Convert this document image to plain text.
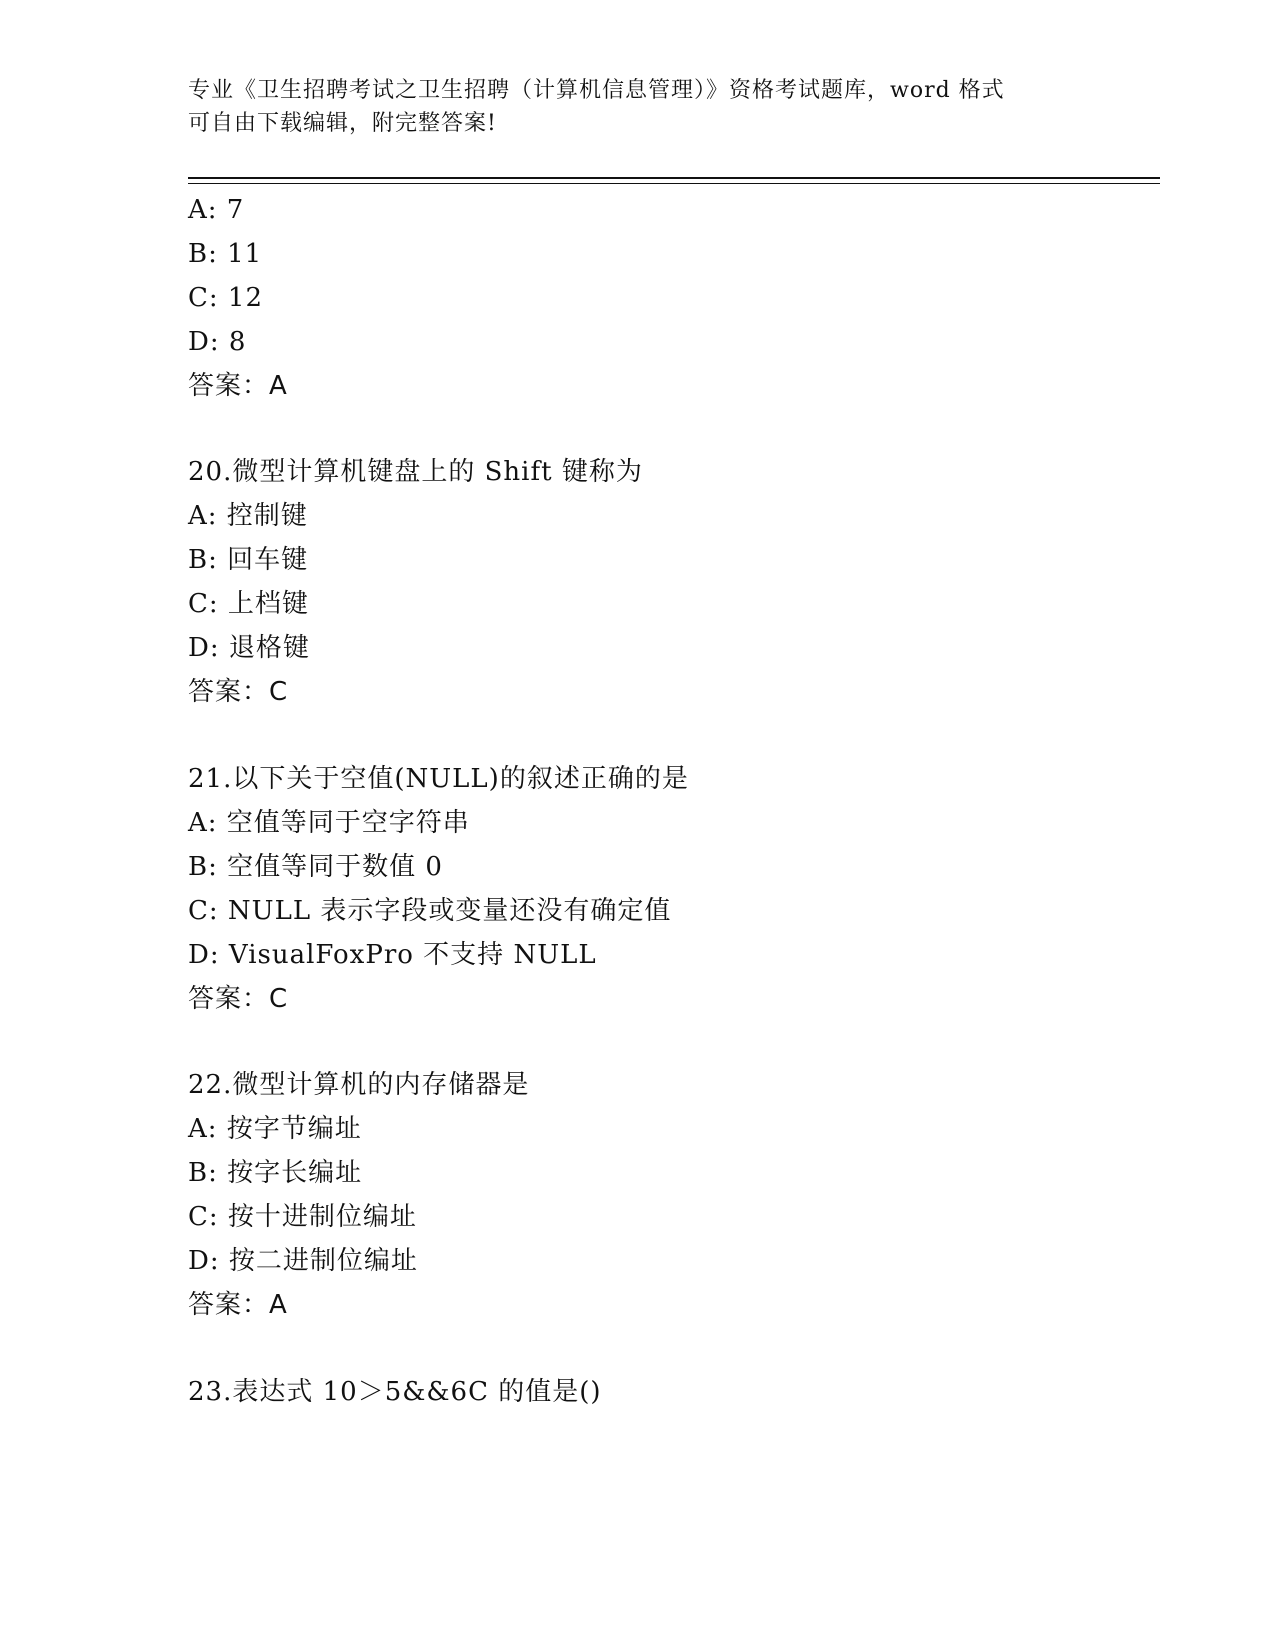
专业《卫生招聘考试之卫生招聘（计算机信息管理）》资格考试题库，word 格式
可自由下载编辑，附完整答案!
A: 7
B: 11
C: 12
D: 8
答案：A
20.微型计算机键盘上的 Shift 键称为
A: 控制键
B: 回车键
C: 上档键
D: 退格键
答案：C
21.以下关于空值(NULL)的叙述正确的是
A: 空值等同于空字符串
B: 空值等同于数值 0
C: NULL 表示字段或变量还没有确定值
D: VisualFoxPro 不支持 NULL
答案：C
22.微型计算机的内存储器是
A: 按字节编址
B: 按字长编址
C: 按十进制位编址
D: 按二进制位编址
答案：A
23.表达式 10＞5&&6C 的值是()
